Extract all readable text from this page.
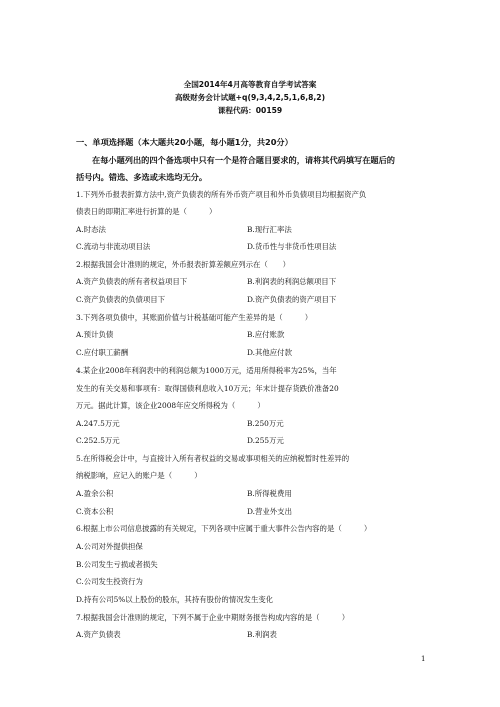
全国2014年4月高等教育自学考试答案
高级财务会计试题+q(9,3,4,2,5,1,6,8,2)
课程代码：00159
一、单项选择题（本大题共20小题，每小题1分，共20分）
在每小题列出的四个备选项中只有一个是符合题目要求的，请将其代码填写在题后的
括号内。错选、多选或未选均无分。
1.下列外币报表折算方法中,资产负债表的所有外币资产项目和外币负债项目均根据资产负
债表日的即期汇率进行折算的是（　　　）
A.时态法	B.现行汇率法
C.流动与非流动项目法	D.货币性与非货币性项目法
2.根据我国会计准则的规定，外币报表折算差额应列示在（　　）
A.资产负债表的所有者权益项目下	B.利润表的利润总额项目下
C.资产负债表的负债项目下	D.资产负债表的资产项目下
3.下列各项负债中，其账面价值与计税基础可能产生差异的是（　　　）
A.预计负债	B.应付账款
C.应付职工薪酬	D.其他应付款
4.某企业2008年利润表中的利润总额为1000万元，适用所得税率为25%，当年
发生的有关交易和事项有：取得国债利息收入10万元；年末计提存货跌价准备20
万元。据此计算，该企业2008年应交所得税为（　　　）
A.247.5万元	B.250万元
C.252.5万元	D.255万元
5.在所得税会计中，与直接计入所有者权益的交易或事项相关的应纳税暂时性差异的
纳税影响，应记入的账户是（　　　）
A.盈余公积	B.所得税费用
C.资本公积	D.营业外支出
6.根据上市公司信息披露的有关规定，下列各项中应属于重大事件公告内容的是（　　　）
A.公司对外提供担保
B.公司发生亏损或者损失
C.公司发生投资行为
D.持有公司5%以上股份的股东，其持有股份的情况发生变化
7.根据我国会计准则的规定，下列不属于企业中期财务报告构成内容的是（　　　）
A.资产负债表	B.利润表
1
